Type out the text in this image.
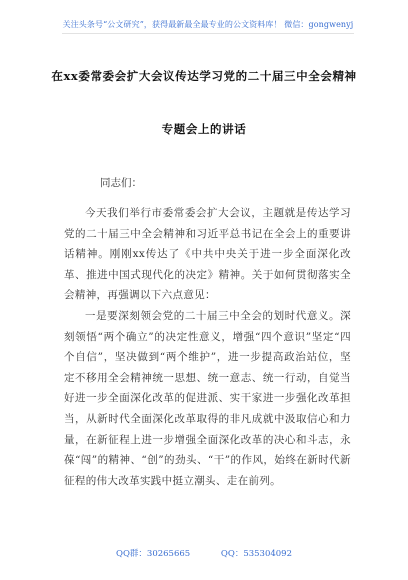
关注头条号“公文研究”，获得最新最全最专业的公文资料库！ 微信：gongwenyj
在xx委常委会扩大会议传达学习党的二十届三中全会精神
专题会上的讲话
同志们：

今天我们举行市委常委会扩大会议，主题就是传达学习党的二十届三中全会精神和习近平总书记在全会上的重要讲话精神。刚刚xx传达了《中共中央关于进一步全面深化改革、推进中国式现代化的决定》精神。关于如何贯彻落实全会精神，再强调以下六点意见：

一是要深刻领会党的二十届三中全会的划时代意义。深刻领悟“两个确立”的决定性意义，增强“四个意识”坚定“四个自信”，坚决做到“两个维护”，进一步提高政治站位，坚定不移用全会精神统一思想、统一意志、统一行动，自觉当好进一步全面深化改革的促进派、实干家进一步强化改革担当，从新时代全面深化改革取得的非凡成就中汲取信心和力量，在新征程上进一步增强全面深化改革的决心和斗志，永葆“闯”的精神、“创”的劲头、“干”的作风，始终在新时代新征程的伟大改革实践中挺立潮头、走在前列。

QQ群：30265665	QQ：535304092
